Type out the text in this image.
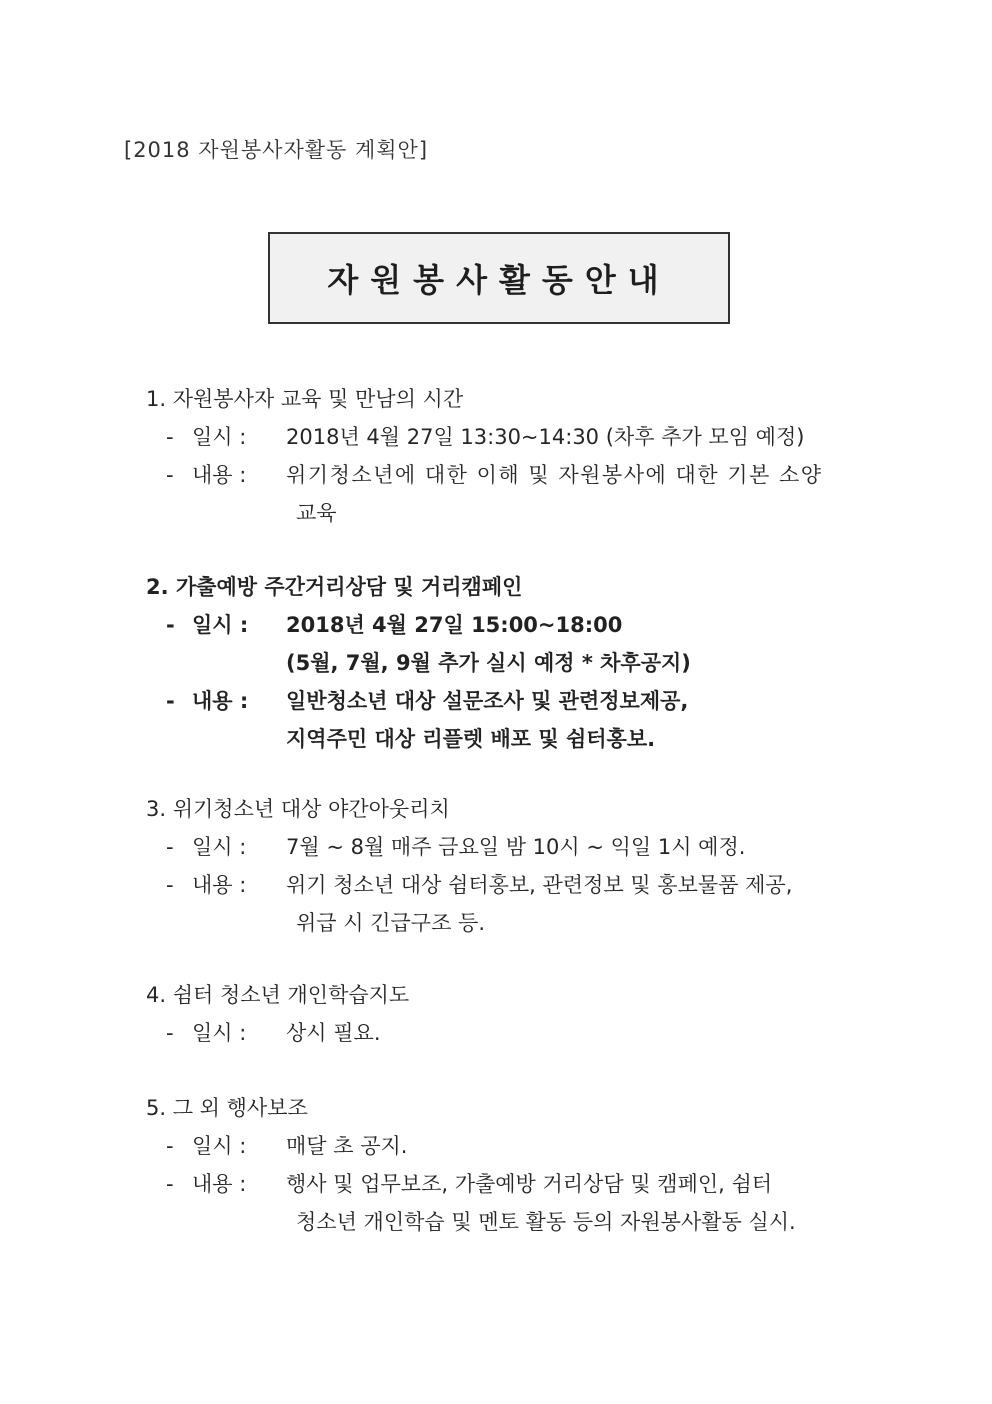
[2018 자원봉사자활동 계획안]
자원봉사활동안내
1. 자원봉사자 교육 및 만남의 시간
- 일시 :	2018년 4월 27일 13:30~14:30 (차후 추가 모임 예정)
- 내용 :	위기청소년에 대한 이해 및 자원봉사에 대한 기본 소양
교육
2. 가출예방 주간거리상담 및 거리캠페인
- 일시 :	2018년 4월 27일 15:00~18:00
(5월, 7월, 9월 추가 실시 예정 * 차후공지)
- 내용 :	일반청소년 대상 설문조사 및 관련정보제공,
지역주민 대상 리플렛 배포 및 쉼터홍보.
3. 위기청소년 대상 야간아웃리치
- 일시 :	7월 ~ 8월 매주 금요일 밤 10시 ~ 익일 1시 예정.
- 내용 :	위기 청소년 대상 쉼터홍보, 관련정보 및 홍보물품 제공,
위급 시 긴급구조 등.
4. 쉼터 청소년 개인학습지도
- 일시 :	상시 필요.
5. 그 외 행사보조
- 일시 :	매달 초 공지.
- 내용 :	행사 및 업무보조, 가출예방 거리상담 및 캠페인, 쉼터
청소년 개인학습 및 멘토 활동 등의 자원봉사활동 실시.
